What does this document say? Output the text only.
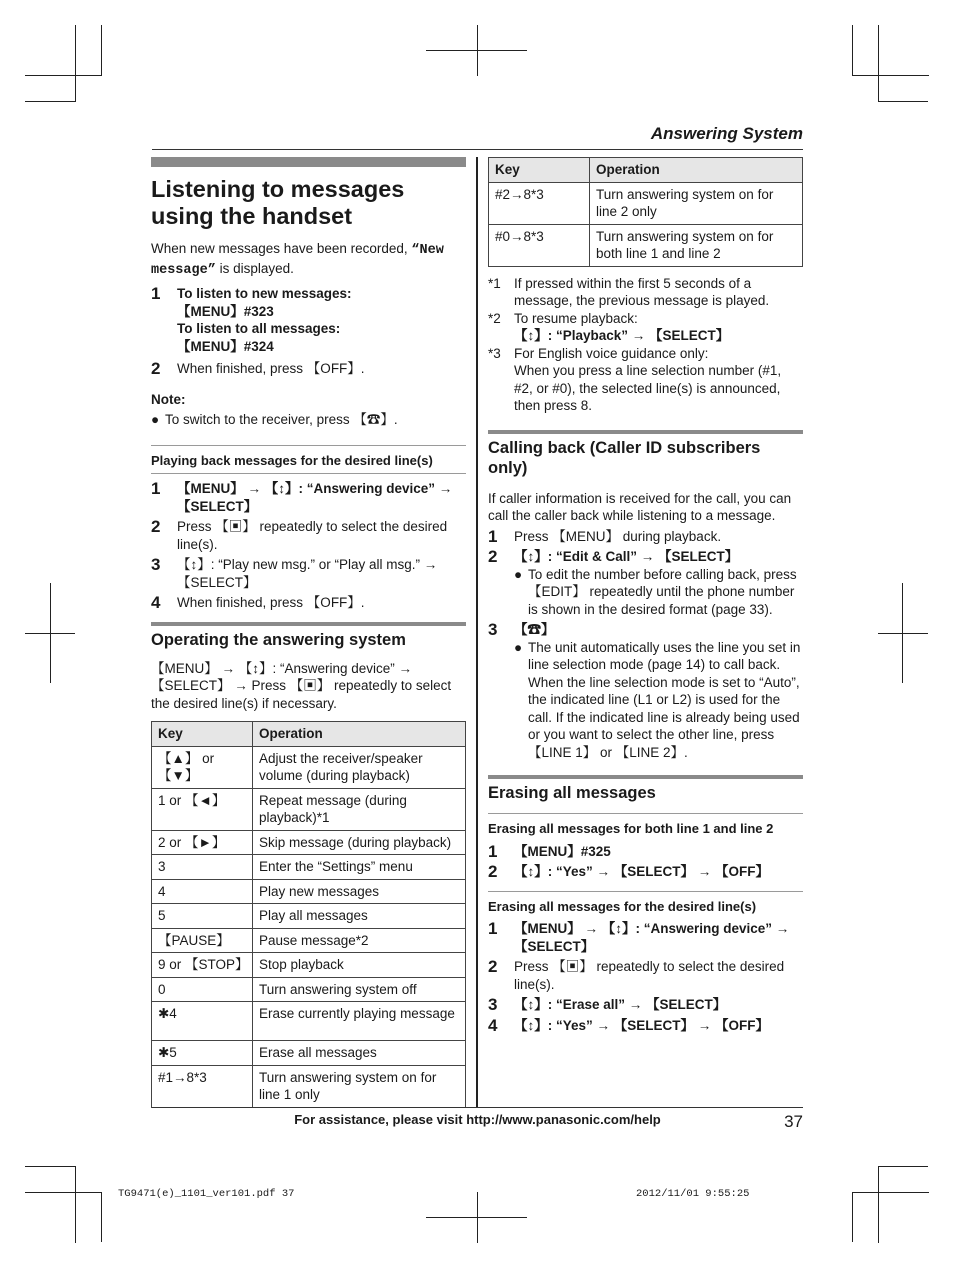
Answering System
Listening to messages using the handset

When new messages have been recorded, “New message” is displayed.

1	To listen to new messages:
【MENU】#323
To listen to all messages:
【MENU】#324
2	When finished, press 【OFF】.

Note:

● To switch to the receiver, press 【☎】.

Playing back messages for the desired line(s)

1	【MENU】 → 【↕】: “Answering device” → 【SELECT】
2	Press 【▣】 repeatedly to select the desired line(s).
3	【↕】: “Play new msg.” or “Play all msg.” → 【SELECT】
4	When finished, press 【OFF】.

Operating the answering system

【MENU】 → 【↕】: “Answering device” → 【SELECT】 → Press 【▣】 repeatedly to select the desired line(s) if necessary.

Key	Operation
【▲】 or 【▼】	Adjust the receiver/speaker volume (during playback)
1 or 【◄】	Repeat message (during playback)*1
2 or 【►】	Skip message (during playback)
3	Enter the “Settings” menu
4	Play new messages
5	Play all messages
【PAUSE】	Pause message*2
9 or 【STOP】	Stop playback
0	Turn answering system off
✱4	Erase currently playing message
✱5	Erase all messages
#1→8*3	Turn answering system on for line 1 only
Key	Operation
#2→8*3	Turn answering system on for line 2 only
#0→8*3	Turn answering system on for both line 1 and line 2
*1 If pressed within the first 5 seconds of a message, the previous message is played.
*2 To resume playback:
【↕】: “Playback” → 【SELECT】
*3 For English voice guidance only:
When you press a line selection number (#1, #2, or #0), the selected line(s) is announced, then press 8.

Calling back (Caller ID subscribers only)

If caller information is received for the call, you can call the caller back while listening to a message.

1	Press 【MENU】 during playback.
2	【↕】: “Edit & Call” → 【SELECT】
● To edit the number before calling back, press 【EDIT】 repeatedly until the phone number is shown in the desired format (page 33).
3	【☎】
● The unit automatically uses the line you set in line selection mode (page 14) to call back. When the line selection mode is set to “Auto”, the indicated line (L1 or L2) is used for the call. If the indicated line is already being used or you want to select the other line, press 【LINE 1】 or 【LINE 2】.

Erasing all messages

Erasing all messages for both line 1 and line 2

1	【MENU】#325
2	【↕】: “Yes” → 【SELECT】 → 【OFF】

Erasing all messages for the desired line(s)

1	【MENU】 → 【↕】: “Answering device” → 【SELECT】
2	Press 【▣】 repeatedly to select the desired line(s).
3	【↕】: “Erase all” → 【SELECT】
4	【↕】: “Yes” → 【SELECT】 → 【OFF】
For assistance, please visit http://www.panasonic.com/help	37
TG9471(e)_1101_ver101.pdf 37	2012/11/01 9:55:25
